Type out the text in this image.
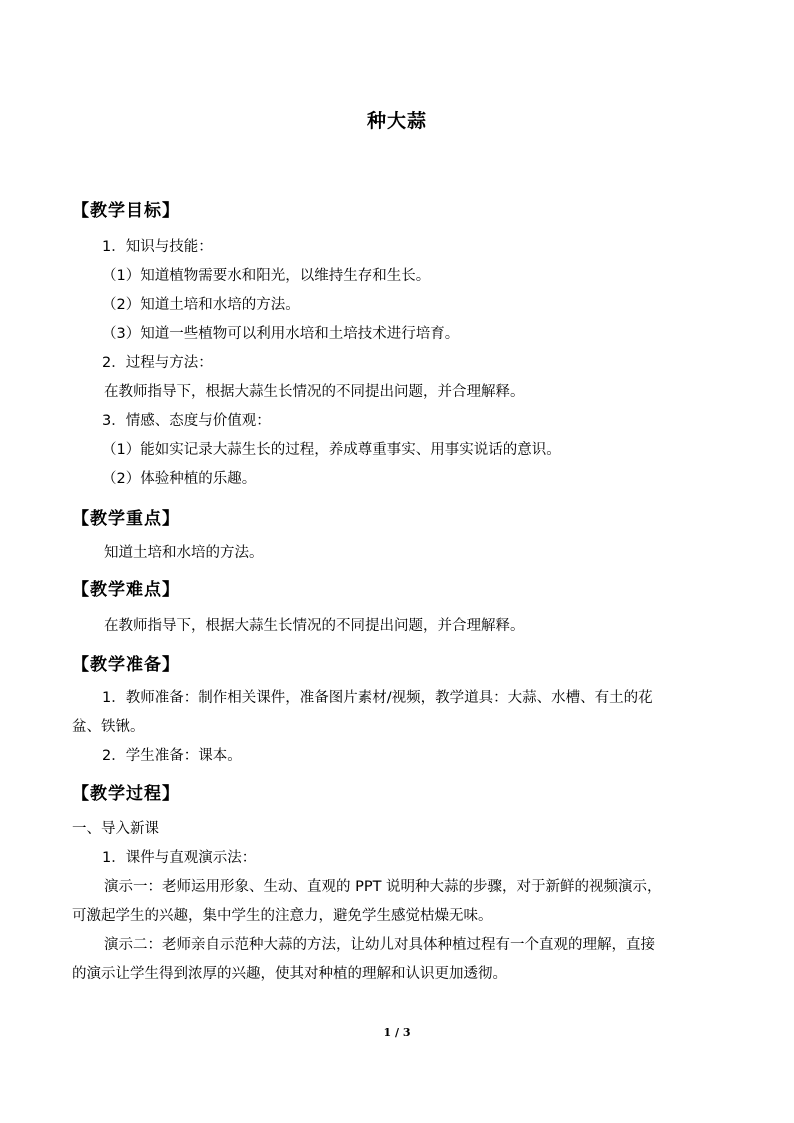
种大蒜
【教学目标】
1．知识与技能：
（1）知道植物需要水和阳光，以维持生存和生长。
（2）知道土培和水培的方法。
（3）知道一些植物可以利用水培和土培技术进行培育。
2．过程与方法：
在教师指导下，根据大蒜生长情况的不同提出问题，并合理解释。
3．情感、态度与价值观：
（1）能如实记录大蒜生长的过程，养成尊重事实、用事实说话的意识。
（2）体验种植的乐趣。
【教学重点】
知道土培和水培的方法。
【教学难点】
在教师指导下，根据大蒜生长情况的不同提出问题，并合理解释。
【教学准备】
1．教师准备：制作相关课件，准备图片素材/视频，教学道具：大蒜、水槽、有土的花
盆、铁锹。
2．学生准备：课本。
【教学过程】
一、导入新课
1．课件与直观演示法：
演示一：老师运用形象、生动、直观的 PPT 说明种大蒜的步骤，对于新鲜的视频演示，
可激起学生的兴趣，集中学生的注意力，避免学生感觉枯燥无味。
演示二：老师亲自示范种大蒜的方法，让幼儿对具体种植过程有一个直观的理解，直接
的演示让学生得到浓厚的兴趣，使其对种植的理解和认识更加透彻。
1 / 3
